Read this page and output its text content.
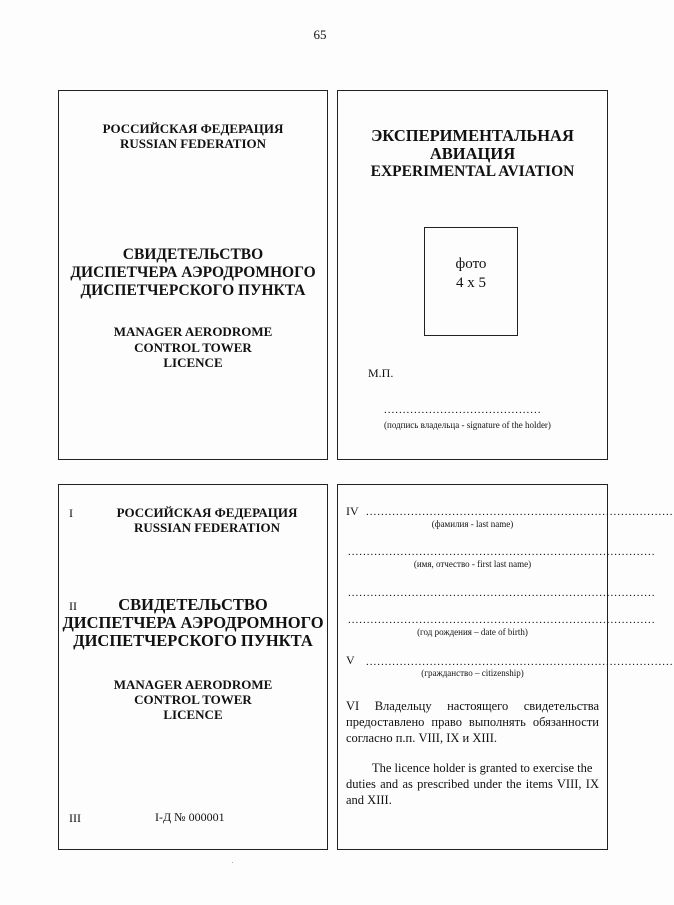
65
РОССИЙСКАЯ ФЕДЕРАЦИЯ
RUSSIAN FEDERATION
СВИДЕТЕЛЬСТВО
ДИСПЕТЧЕРА АЭРОДРОМНОГО
ДИСПЕТЧЕРСКОГО ПУНКТА
MANAGER AERODROME
CONTROL TOWER
LICENCE
ЭКСПЕРИМЕНТАЛЬНАЯ
АВИАЦИЯ
EXPERIMENTAL AVIATION
фото
4 х 5
М.П.
..........................................
(подпись владельца - signature of the holder)
I	РОССИЙСКАЯ ФЕДЕРАЦИЯ
RUSSIAN FEDERATION
II	СВИДЕТЕЛЬСТВО
ДИСПЕТЧЕРА АЭРОДРОМНОГО
ДИСПЕТЧЕРСКОГО ПУНКТА
MANAGER AERODROME
CONTROL TOWER
LICENCE
III	I-Д № 000001
IV ..................................................................................
(фамилия - last name)
..................................................................................
(имя, отчество - first last name)
..................................................................................
..................................................................................
(год рождения – date of birth)
V ..................................................................................
(гражданство – citizenship)
VI Владельцу настоящего свидетельства
предоставлено право выполнять обязанности
согласно п.п. VIII, IX и XIII.
The licence holder is granted to exercise the
duties and as prescribed under the items VIII, IX
and XIII.
